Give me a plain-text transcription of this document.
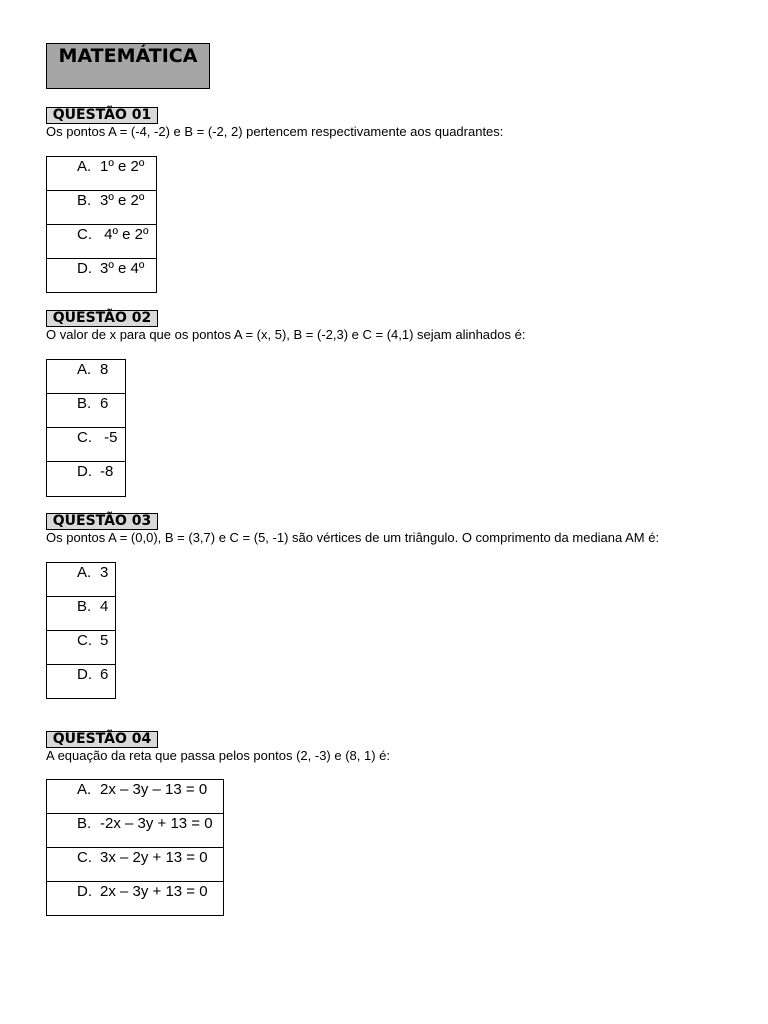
MATEMÁTICA
QUESTÃO 01
Os pontos A = (-4, -2) e B = (-2, 2) pertencem respectivamente aos quadrantes:
A. 1º e 2º
B. 3º e 2º
C. 4º e 2º
D. 3º e 4º
QUESTÃO 02
O valor de x para que os pontos A = (x, 5), B = (-2,3) e C = (4,1) sejam alinhados é:
A. 8
B. 6
C. -5
D. -8
QUESTÃO 03
Os pontos A = (0,0), B = (3,7) e C = (5, -1) são vértices de um triângulo. O comprimento da mediana AM é:
A. 3
B. 4
C. 5
D. 6
QUESTÃO 04
A equação da reta que passa pelos pontos (2, -3) e (8, 1) é:
A. 2x – 3y – 13 = 0
B. -2x – 3y + 13 = 0
C. 3x – 2y + 13 = 0
D. 2x – 3y + 13 = 0
